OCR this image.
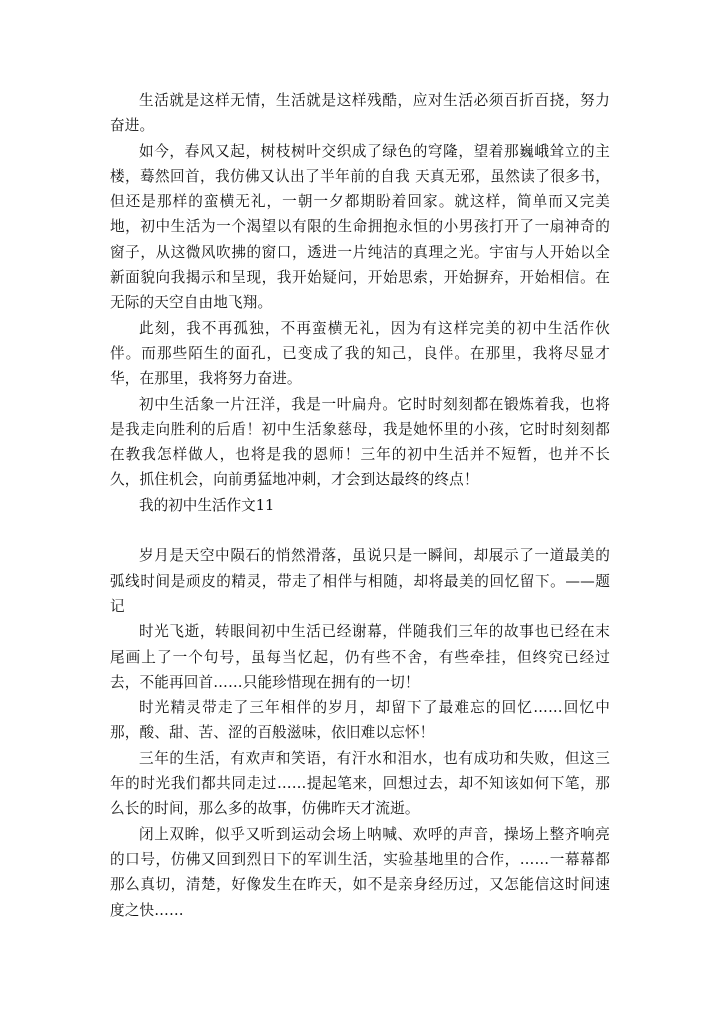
生活就是这样无情，生活就是这样残酷，应对生活必须百折百挠，努力奋进。

如今，春风又起，树枝树叶交织成了绿色的穹隆，望着那巍峨耸立的主楼，蓦然回首，我仿佛又认出了半年前的自我 天真无邪，虽然读了很多书，但还是那样的蛮横无礼，一朝一夕都期盼着回家。就这样，简单而又完美地，初中生活为一个渴望以有限的生命拥抱永恒的小男孩打开了一扇神奇的窗子，从这微风吹拂的窗口，透进一片纯洁的真理之光。宇宙与人开始以全新面貌向我揭示和呈现，我开始疑问，开始思索，开始摒弃，开始相信。在无际的天空自由地飞翔。

此刻，我不再孤独，不再蛮横无礼，因为有这样完美的初中生活作伙伴。而那些陌生的面孔，已变成了我的知己，良伴。在那里，我将尽显才华，在那里，我将努力奋进。

初中生活象一片汪洋，我是一叶扁舟。它时时刻刻都在锻炼着我，也将是我走向胜利的后盾！初中生活象慈母，我是她怀里的小孩，它时时刻刻都在教我怎样做人，也将是我的恩师！三年的初中生活并不短暂，也并不长久，抓住机会，向前勇猛地冲刺，才会到达最终的终点！

我的初中生活作文11

岁月是天空中陨石的悄然滑落，虽说只是一瞬间，却展示了一道最美的弧线时间是顽皮的精灵，带走了相伴与相随，却将最美的回忆留下。——题记

时光飞逝，转眼间初中生活已经谢幕，伴随我们三年的故事也已经在末尾画上了一个句号，虽每当忆起，仍有些不舍，有些牵挂，但终究已经过去，不能再回首……只能珍惜现在拥有的一切！

时光精灵带走了三年相伴的岁月，却留下了最难忘的回忆……回忆中那，酸、甜、苦、涩的百般滋味，依旧难以忘怀！

三年的生活，有欢声和笑语，有汗水和泪水，也有成功和失败，但这三年的时光我们都共同走过……提起笔来，回想过去，却不知该如何下笔，那么长的时间，那么多的故事，仿佛昨天才流逝。

闭上双眸，似乎又听到运动会场上呐喊、欢呼的声音，操场上整齐响亮的口号，仿佛又回到烈日下的军训生活，实验基地里的合作，……一幕幕都那么真切，清楚，好像发生在昨天，如不是亲身经历过，又怎能信这时间速度之快……
